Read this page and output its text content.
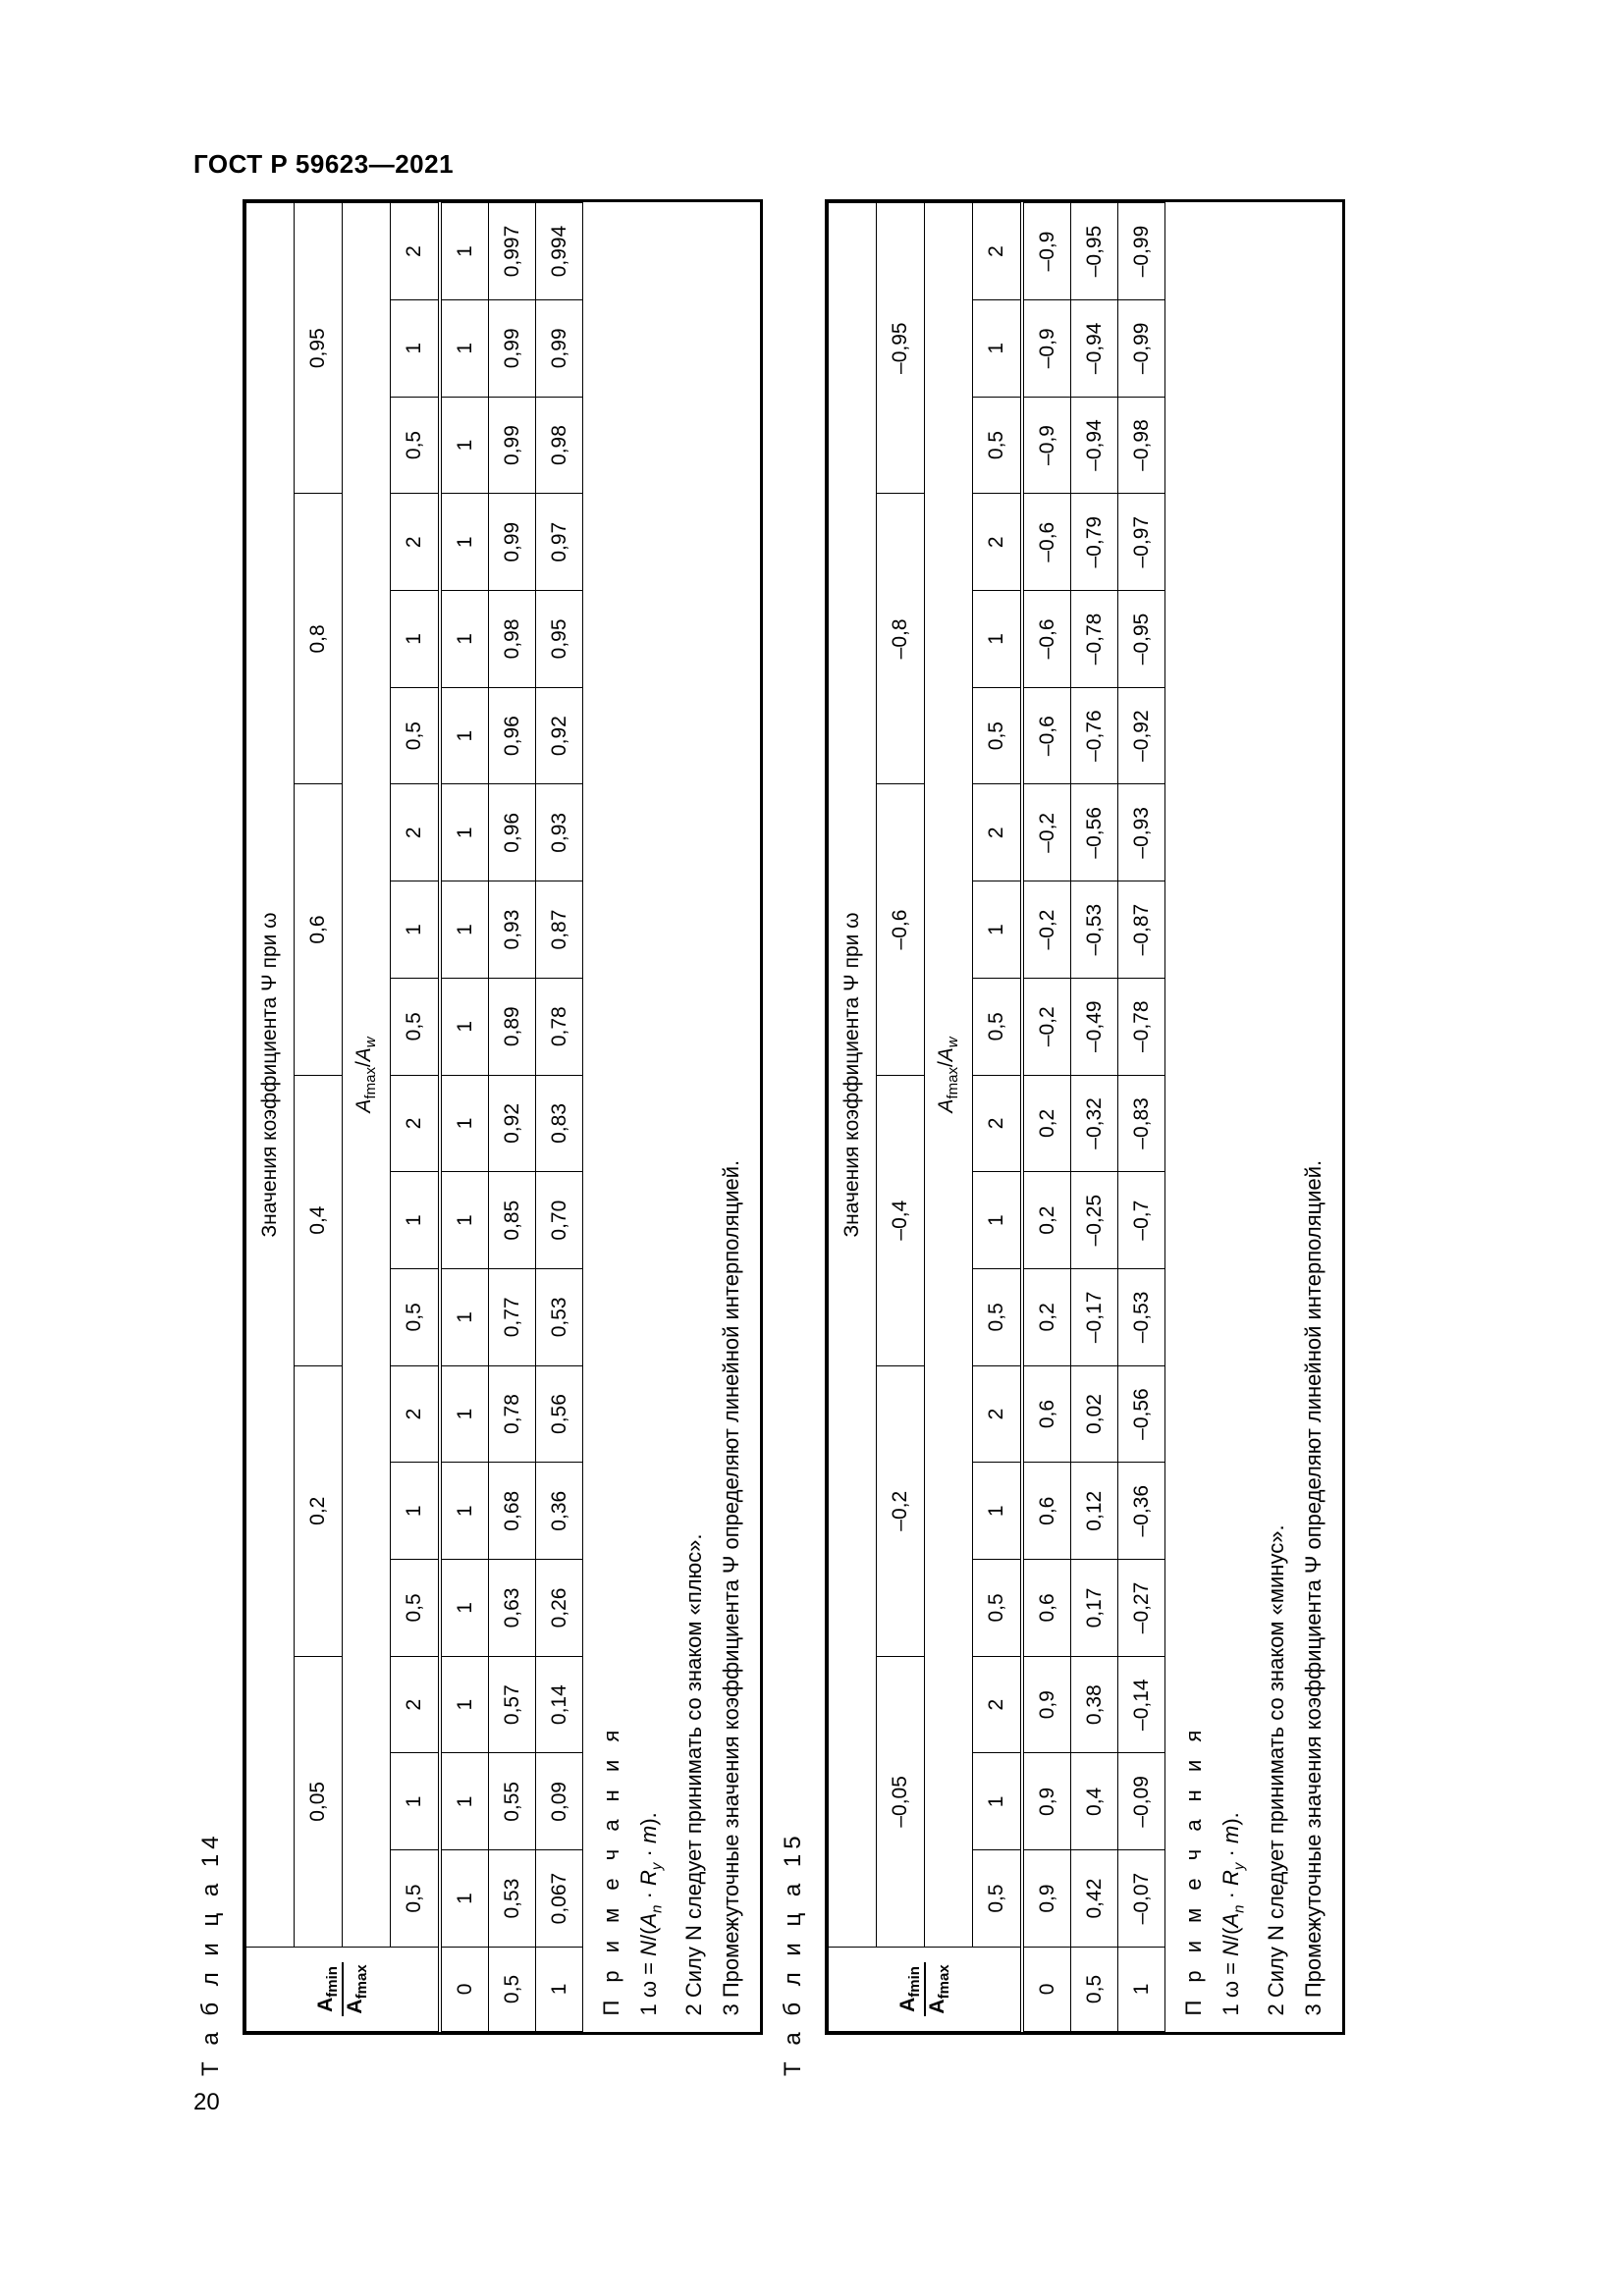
ГОСТ Р 59623—2021
20
Т а б л и ц а 14	$A_{fmin}$
$A_{fmax}$	Значения коэффициента Ψ при ω																	
	0,05			0,2			0,4			0,6			0,8			0,95		
	$A_{fmax}/A_w$
	0,5	1	2	0,5	1	2	0,5	1	2	0,5	1	2	0,5	1	2	0,5	1	2
0	1	1	1	1	1	1	1	1	1	1	1	1	1	1	1	1	1	1
0,5	0,53	0,55	0,57	0,63	0,68	0,78	0,77	0,85	0,92	0,89	0,93	0,96	0,96	0,98	0,99	0,99	0,99	0,997
1	0,067	0,09	0,14	0,26	0,36	0,56	0,53	0,70	0,83	0,78	0,87	0,93	0,92	0,95	0,97	0,98	0,99	0,994

П р и м е ч а н и я 1 $\omega = N/(A_n \cdot R_y \cdot m)$. 2 Силу N следует принимать со знаком «плюс». 3 Промежуточные значения коэффициента Ψ определяют линейной интерполяцией.																		Т а б л и ц а 15	$A_{fmin}$
$A_{fmax}$	Значения коэффициента Ψ при ω																	
	–0,05			–0,2			–0,4			–0,6			–0,8			–0,95		
	$A_{fmax}/A_w$
	0,5	1	2	0,5	1	2	0,5	1	2	0,5	1	2	0,5	1	2	0,5	1	2
0	0,9	0,9	0,9	0,6	0,6	0,6	0,2	0,2	0,2	–0,2	–0,2	–0,2	–0,6	–0,6	–0,6	–0,9	–0,9	–0,9
0,5	0,42	0,4	0,38	0,17	0,12	0,02	–0,17	–0,25	–0,32	–0,49	–0,53	–0,56	–0,76	–0,78	–0,79	–0,94	–0,94	–0,95
1	–0,07	–0,09	–0,14	–0,27	–0,36	–0,56	–0,53	–0,7	–0,83	–0,78	–0,87	–0,93	–0,92	–0,95	–0,97	–0,98	–0,99	–0,99

П р и м е ч а н и я 1 $\omega = N/(A_n \cdot R_y \cdot m)$. 2 Силу N следует принимать со знаком «минус». 3 Промежуточные значения коэффициента Ψ определяют линейной интерполяцией.																		
